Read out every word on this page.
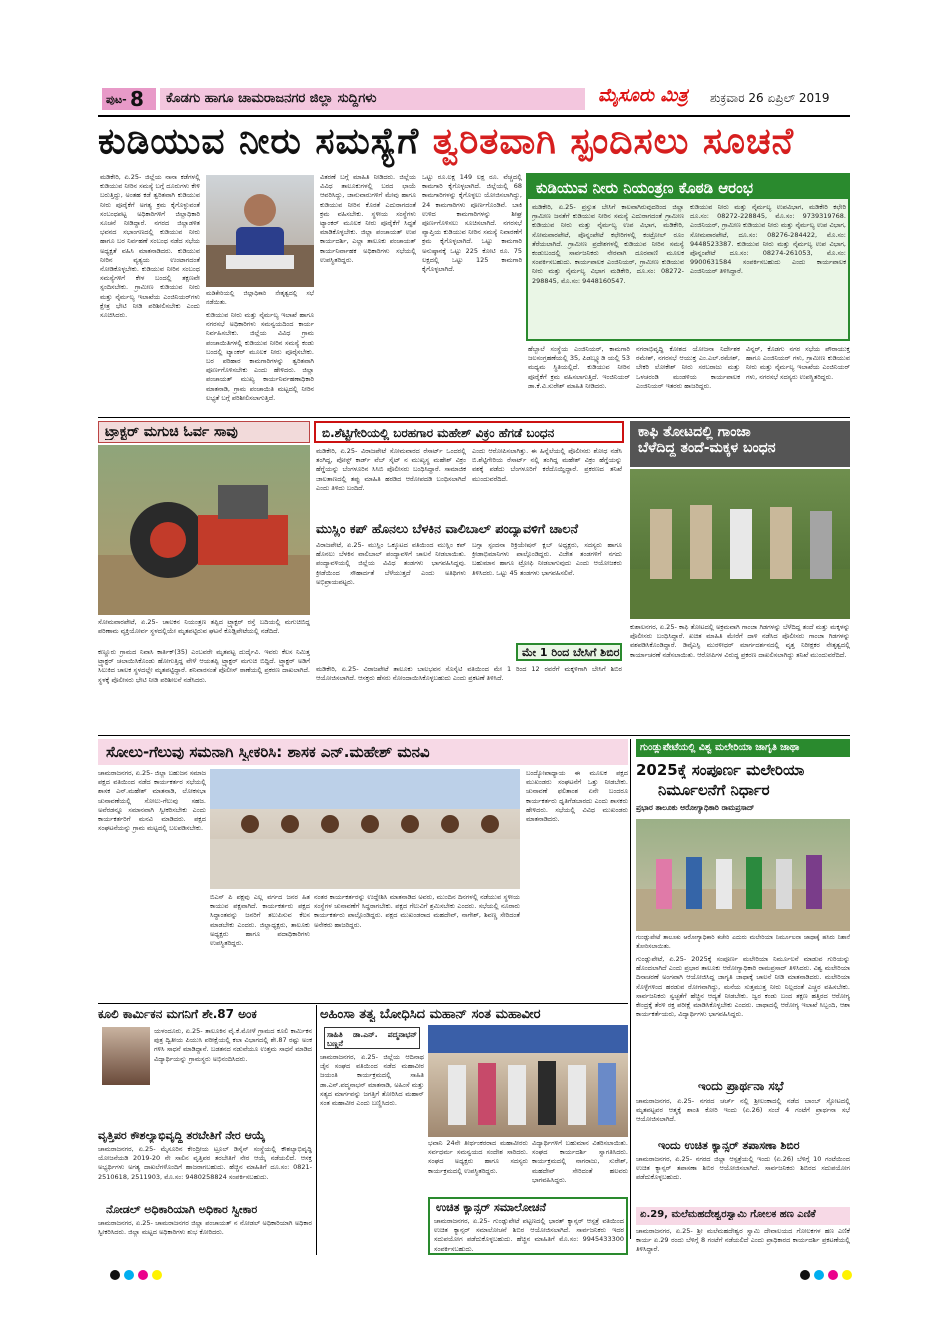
ಪುಟ- 8	ಕೊಡಗು ಹಾಗೂ ಚಾಮರಾಜನಗರ ಜಿಲ್ಲಾ ಸುದ್ದಿಗಳು	ಮೈಸೂರು ಮಿತ್ರ	ಶುಕ್ರವಾರ 26 ಏಪ್ರಿಲ್ 2019
ಕುಡಿಯುವ ನೀರು ಸಮಸ್ಯೆಗೆ ತ್ವರಿತವಾಗಿ ಸ್ಪಂದಿಸಲು ಸೂಚನೆ
ಮಡಿಕೇರಿ, ಏ.25- ಜಿಲ್ಲೆಯ ನಾನಾ ಕಡೆಗಳಲ್ಲಿ ಕುಡಿಯುವ ನೀರಿನ ಸಮಸ್ಯೆ ಬಗ್ಗೆ ದೂರುಗಳು ಕೇಳಿ ಬರುತ್ತಿದ್ದು, ಅಂತಹ ಕಡೆ ತ್ವರಿತವಾಗಿ ಕುಡಿಯುವ ನೀರು ಪೂರೈಕೆಗೆ ಅಗತ್ಯ ಕ್ರಮ ಕೈಗೊಳ್ಳುವಂತೆ ಸಂಬಂಧಪಟ್ಟ ಅಧಿಕಾರಿಗಳಿಗೆ ಜಿಲ್ಲಾಧಿಕಾರಿ ಸೂಚನೆ ನೀಡಿದ್ದಾರೆ. ನಗರದ ಜಿಲ್ಲಾಡಳಿತ ಭವನದ ಸಭಾಂಗಣದಲ್ಲಿ ಕುಡಿಯುವ ನೀರು ಹಾಗೂ ಬರ ನಿರ್ವಹಣೆ ಸಂಬಂಧ ನಡೆದ ಸಭೆಯ ಅಧ್ಯಕ್ಷತೆ ವಹಿಸಿ ಮಾತನಾಡಿದರು. ಕುಡಿಯುವ ನೀರಿನ ವ್ಯತ್ಯಯ ಉಂಟಾಗದಂತೆ ನೋಡಿಕೊಳ್ಳಬೇಕು. ಕುಡಿಯುವ ನೀರಿನ ಸಂಬಂಧ ಸಮಸ್ಯೆಗಳಿಗೆ ಕೇಳ ಬಂದಲ್ಲಿ ತಕ್ಷಣವೇ ಸ್ಪಂದಿಸಬೇಕು. ಗ್ರಾಮೀಣ ಕುಡಿಯುವ ನೀರು ಮತ್ತು ನೈರ್ಮಲ್ಯ ಇಲಾಖೆಯ ಎಂಜಿನಿಯರ್‌ಗಳು ಕ್ಷೇತ್ರ ಭೇಟಿ ನೀಡಿ ಪರಿಶೀಲಿಸಬೇಕು ಎಂದು ಸೂಚಿಸಿದರು.
ಮಡಿಕೇರಿಯಲ್ಲಿ ಜಿಲ್ಲಾಧಿಕಾರಿ ನೇತೃತ್ವದಲ್ಲಿ ಸಭೆ ನಡೆಯಿತು.
ಕುಡಿಯುವ ನೀರು ಮತ್ತು ನೈರ್ಮಲ್ಯ ಇಲಾಖೆ ಹಾಗೂ ನಗರಸಭೆ ಅಧಿಕಾರಿಗಳು ಸಮನ್ವಯದಿಂದ ಕಾರ್ಯ ನಿರ್ವಹಿಸಬೇಕು. ಜಿಲ್ಲೆಯ ವಿವಿಧ ಗ್ರಾಮ ಪಂಚಾಯಿತಿಗಳಲ್ಲಿ ಕುಡಿಯುವ ನೀರಿನ ಸಮಸ್ಯೆ ಕಂಡು ಬಂದಲ್ಲಿ ಟ್ಯಾಂಕರ್ ಮೂಲಕ ನೀರು ಪೂರೈಸಬೇಕು. ಬರ ಪರಿಹಾರ ಕಾಮಗಾರಿಗಳನ್ನು ತ್ವರಿತವಾಗಿ ಪೂರ್ಣಗೊಳಿಸಬೇಕು ಎಂದು ಹೇಳಿದರು. ಜಿಲ್ಲಾ ಪಂಚಾಯತ್ ಮುಖ್ಯ ಕಾರ್ಯನಿರ್ವಹಣಾಧಿಕಾರಿ ಮಾತನಾಡಿ, ಗ್ರಾಮ ಪಂಚಾಯಿತಿ ಮಟ್ಟದಲ್ಲಿ ನೀರಿನ ಲಭ್ಯತೆ ಬಗ್ಗೆ ಪರಿಶೀಲಿಸಲಾಗುತ್ತಿದೆ.
ವಿತರಣೆ ಬಗ್ಗೆ ಮಾಹಿತಿ ನೀಡಿದರು. ಜಿಲ್ಲೆಯ ವಿವಿಧ ತಾಲೂಕುಗಳಲ್ಲಿ ಬರದ ಛಾಯೆ ಆವರಿಸಿದ್ದು, ಜಾನುವಾರುಗಳಿಗೆ ಮೇವು ಹಾಗೂ ಕುಡಿಯುವ ನೀರಿನ ಕೊರತೆ ಎದುರಾಗದಂತೆ ಕ್ರಮ ವಹಿಸಬೇಕು. ಸ್ಥಳೀಯ ಸಂಸ್ಥೆಗಳು ಟ್ಯಾಂಕರ್ ಮೂಲಕ ನೀರು ಪೂರೈಕೆಗೆ ಸಿದ್ಧತೆ ಮಾಡಿಕೊಳ್ಳಬೇಕು. ಜಿಲ್ಲಾ ಪಂಚಾಯತ್ ಉಪ ಕಾರ್ಯದರ್ಶಿ, ಎಲ್ಲಾ ತಾಲೂಕು ಪಂಚಾಯತ್ ಕಾರ್ಯನಿರ್ವಾಹಕ ಅಧಿಕಾರಿಗಳು ಸಭೆಯಲ್ಲಿ ಉಪಸ್ಥಿತರಿದ್ದರು.
ಒಟ್ಟು ರೂ.ಲಕ್ಷ 149 ಲಕ್ಷ ರೂ. ವೆಚ್ಚದಲ್ಲಿ ಕಾಮಗಾರಿ ಕೈಗೊಳ್ಳಲಾಗಿದೆ. ಜಿಲ್ಲೆಯಲ್ಲಿ 68 ಕಾಮಗಾರಿಗಳನ್ನು ಕೈಗೊಳ್ಳಲು ಯೋಜಿಸಲಾಗಿದ್ದು, 24 ಕಾಮಗಾರಿಗಳು ಪೂರ್ಣಗೊಂಡಿವೆ. ಬಾಕಿ ಉಳಿದ ಕಾಮಗಾರಿಗಳನ್ನು ಶೀಘ್ರ ಪೂರ್ಣಗೊಳಿಸಲು ಸೂಚಿಸಲಾಗಿದೆ. ನಗರಸಭೆ ವ್ಯಾಪ್ತಿಯ ಕುಡಿಯುವ ನೀರಿನ ಸಮಸ್ಯೆ ನಿವಾರಣೆಗೆ ಕ್ರಮ ಕೈಗೊಳ್ಳಲಾಗಿದೆ. ಒಟ್ಟು ಕಾಮಗಾರಿ ಅನುಷ್ಠಾನಕ್ಕೆ ಒಟ್ಟು 225 ಕೋಟಿ ರೂ. 75 ಲಕ್ಷದಲ್ಲಿ ಒಟ್ಟು 125 ಕಾಮಗಾರಿ ಕೈಗೊಳ್ಳಲಾಗಿದೆ.
ಕುಡಿಯುವ ನೀರು ನಿಯಂತ್ರಣ ಕೊಠಡಿ ಆರಂಭ
ಮಡಿಕೇರಿ, ಏ.25- ಪ್ರಸ್ತುತ ಬೇಸಿಗೆ ಕಾಲವಾಗಿರುವುದರಿಂದ ಜಿಲ್ಲಾ ಗ್ರಾಮೀಣ ಜನತೆಗೆ ಕುಡಿಯುವ ನೀರಿನ ಸಮಸ್ಯೆ ಎದುರಾಗದಂತೆ ಗ್ರಾಮೀಣ ಕುಡಿಯುವ ನೀರು ಮತ್ತು ನೈರ್ಮಲ್ಯ ಉಪ ವಿಭಾಗ, ಮಡಿಕೇರಿ, ಸೋಮವಾರಪೇಟೆ, ಪೊನ್ನಂಪೇಟೆ ಕಛೇರಿಗಳಲ್ಲಿ ಕಂಟ್ರೋಲ್ ರೂಂ ತೆರೆಯಲಾಗಿದೆ. ಗ್ರಾಮೀಣ ಪ್ರದೇಶಗಳಲ್ಲಿ ಕುಡಿಯುವ ನೀರಿನ ಸಮಸ್ಯೆ ಕಂಡುಬಂದಲ್ಲಿ ಸಾರ್ವಜನಿಕರು ನೇರವಾಗಿ ದೂರವಾಣಿ ಮೂಲಕ ಸಂಪರ್ಕಿಸಬಹುದು. ಕಾರ್ಯಪಾಲಕ ಎಂಜಿನಿಯರ್, ಗ್ರಾಮೀಣ ಕುಡಿಯುವ ನೀರು ಮತ್ತು ನೈರ್ಮಲ್ಯ ವಿಭಾಗ ಮಡಿಕೇರಿ, ದೂ.ಸಂ: 08272-298845, ಮೊ.ಸಂ: 9448160547.
ಕುಡಿಯುವ ನೀರು ಮತ್ತು ನೈರ್ಮಲ್ಯ ಉಪವಿಭಾಗ, ಮಡಿಕೇರಿ ಕಛೇರಿ ದೂ.ಸಂ: 08272-228845, ಮೊ.ಸಂ: 9739319768. ಎಂಜಿನಿಯರ್, ಗ್ರಾಮೀಣ ಕುಡಿಯುವ ನೀರು ಮತ್ತು ನೈರ್ಮಲ್ಯ ಉಪ ವಿಭಾಗ, ಸೋಮವಾರಪೇಟೆ, ದೂ.ಸಂ: 08276-284422, ಮೊ.ಸಂ: 9448523387. ಕುಡಿಯುವ ನೀರು ಮತ್ತು ನೈರ್ಮಲ್ಯ ಉಪ ವಿಭಾಗ, ಪೊನ್ನಂಪೇಟೆ ದೂ.ಸಂ: 08274-261053, ಮೊ.ಸಂ: 9900631584 ಸಂಪರ್ಕಿಸಬಹುದು ಎಂದು ಕಾರ್ಯಪಾಲಕ ಎಂಜಿನಿಯರ್ ತಿಳಿಸಿದ್ದಾರೆ.
ಹೆಬ್ಬಾಲೆ ಸಂಸ್ಥೆಯ ಎಂಜಿನಿಯರ್, ಕಾಮಗಾರಿ ಜಲಸಂಗ್ರಹಣೆಯಲ್ಲಿ 35, ಪಿಡಬ್ಲ್ಯೂಡಿ ಯಲ್ಲಿ 53 ಮಧ್ಯಮ ಸ್ಥಿತಿಯಲ್ಲಿದೆ. ಕುಡಿಯುವ ನೀರಿನ ಪೂರೈಕೆಗೆ ಕ್ರಮ ವಹಿಸಲಾಗುತ್ತಿದೆ. ಇಂಜಿನಿಯರ್ ಡಾ.ಕೆ.ವಿ.ಸುರೇಶ್ ಮಾಹಿತಿ ನೀಡಿದರು.
ನಗರಾಭಿವೃದ್ಧಿ ಕೋಶದ ಯೋಜನಾ ನಿರ್ದೇಶಕ ರಮೇಶ್, ನಗರಸಭೆ ಆಯುಕ್ತ ಎಂ.ಎಲ್.ರಮೇಶ್, ಬೇಕರಿ ಲೋಕೇಶ್ ನೀರು ಸರಬರಾಜು ಮತ್ತು ಒಳಚರಂಡಿ ಮಂಡಳಿಯ ಕಾರ್ಯಪಾಲಕ ಎಂಜಿನಿಯರ್ ಇತರರು ಹಾಜರಿದ್ದರು.
ವಿನ್ನರ್, ಕೊಡಗು ನಗರ ಸಭೆಯ ಪೌರಾಯುಕ್ತ ಹಾಗೂ ಎಂಜಿನಿಯರ್ ಗಳು, ಗ್ರಾಮೀಣ ಕುಡಿಯುವ ನೀರು ಮತ್ತು ನೈರ್ಮಲ್ಯ ಇಲಾಖೆಯ ಎಂಜಿನಿಯರ್ ಗಳು, ನಗರಸಭೆ ಸದಸ್ಯರು ಉಪಸ್ಥಿತರಿದ್ದರು.
ಟ್ರ್ಯಾಕ್ಟರ್ ಮಗುಚಿ ಓರ್ವ ಸಾವು
ಸೋಮವಾರಪೇಟೆ, ಏ.25- ಚಾಲಕನ ನಿಯಂತ್ರಣ ತಪ್ಪಿದ ಟ್ರ್ಯಾಕ್ಟರ್ ರಸ್ತೆ ಬದಿಯಲ್ಲಿ ಮಗುಚಿಬಿದ್ದ ಪರಿಣಾಮ ವ್ಯಕ್ತಿಯೋರ್ವ ಸ್ಥಳದಲ್ಲಿಯೇ ಮೃತಪಟ್ಟಿರುವ ಘಟನೆ ಕೊಡ್ಲಿಪೇಟೆಯಲ್ಲಿ ನಡೆದಿದೆ.
ಕಣ್ಣೂರು ಗ್ರಾಮದ ನಿವಾಸಿ ಕಾರ್ತಿಕ್(35) ಎಂಬವರೇ ಮೃತಪಟ್ಟ ದುರ್ದೈವಿ. ಇವರು ಕೆಲಸ ನಿಮಿತ್ತ ಟ್ರ್ಯಾಕ್ಟರ್ ಚಲಾಯಿಸಿಕೊಂಡು ಹೋಗುತ್ತಿದ್ದ ವೇಳೆ ಆಯತಪ್ಪಿ ಟ್ರ್ಯಾಕ್ಟರ್ ಮಗುಚಿ ಬಿದ್ದಿದೆ. ಟ್ರ್ಯಾಕ್ಟರ್ ಅಡಿಗೆ ಸಿಲುಕಿದ ಚಾಲಕ ಸ್ಥಳದಲ್ಲೇ ಮೃತಪಟ್ಟಿದ್ದಾರೆ. ಶನಿವಾರಸಂತೆ ಪೊಲೀಸ್ ಠಾಣೆಯಲ್ಲಿ ಪ್ರಕರಣ ದಾಖಲಾಗಿದೆ. ಸ್ಥಳಕ್ಕೆ ಪೊಲೀಸರು ಭೇಟಿ ನೀಡಿ ಪರಿಶೀಲನೆ ನಡೆಸಿದರು.
ಬಿ.ಶೆಟ್ಟಿಗೇರಿಯಲ್ಲಿ ಬರಹಗಾರ ಮಹೇಶ್ ವಿಕ್ರಂ ಹೆಗಡೆ ಬಂಧನ
ಮಡಿಕೇರಿ, ಏ.25- ವಿರಾಜಪೇಟೆ ಸೋಮವಾರದ ರೆಸಾರ್ಟ್ ಒಂದರಲ್ಲಿ ತಂಗಿದ್ದ, ಪೋಸ್ಟ್ ಕಾರ್ಡ್ ವೆಬ್ ಸೈಟ್ ನ ಮುಖ್ಯಸ್ಥ ಮಹೇಶ್ ವಿಕ್ರಂ ಹೆಗ್ಡೆಯನ್ನು ಬೆಂಗಳೂರಿನ ಸಿಸಿಬಿ ಪೊಲೀಸರು ಬಂಧಿಸಿದ್ದಾರೆ. ಸಾಮಾಜಿಕ ಜಾಲತಾಣದಲ್ಲಿ ತಪ್ಪು ಮಾಹಿತಿ ಹರಡಿದ ಆರೋಪದಡಿ ಬಂಧಿಸಲಾಗಿದೆ ಎಂದು ತಿಳಿದು ಬಂದಿದೆ.
ಎಂದು ಆರೋಪಿಸಲಾಗಿತ್ತು. ಈ ಹಿನ್ನೆಲೆಯಲ್ಲಿ ಪೊಲೀಸರು ಶೋಧ ನಡೆಸಿ ಬಿ.ಶೆಟ್ಟಿಗೇರಿಯ ರೆಸಾರ್ಟ್ ನಲ್ಲಿ ತಂಗಿದ್ದ ಮಹೇಶ್ ವಿಕ್ರಂ ಹೆಗ್ಡೆಯನ್ನು ವಶಕ್ಕೆ ಪಡೆದು ಬೆಂಗಳೂರಿಗೆ ಕರೆದೊಯ್ದಿದ್ದಾರೆ. ಪ್ರಕರಣದ ತನಿಖೆ ಮುಂದುವರೆದಿದೆ.
ಮುಸ್ಲಿಂ ಕಪ್ ಹೊನಲು ಬೆಳಕಿನ ವಾಲಿಬಾಲ್ ಪಂದ್ಯಾವಳಿಗೆ ಚಾಲನೆ
ವಿರಾಜಪೇಟೆ, ಏ.25- ಮುಸ್ಲಿಂ ಒಕ್ಕೂಟದ ವತಿಯಿಂದ ಮುಸ್ಲಿಂ ಕಪ್ ಹೊನಲು ಬೆಳಕಿನ ವಾಲಿಬಾಲ್ ಪಂದ್ಯಾವಳಿಗೆ ಚಾಲನೆ ನೀಡಲಾಯಿತು. ಪಂದ್ಯಾವಳಿಯಲ್ಲಿ ಜಿಲ್ಲೆಯ ವಿವಿಧ ತಂಡಗಳು ಭಾಗವಹಿಸಿದ್ದವು. ಕ್ರೀಡೆಯಿಂದ ಸೌಹಾರ್ದತೆ ಬೆಳೆಯುತ್ತದೆ ಎಂದು ಅತಿಥಿಗಳು ಅಭಿಪ್ರಾಯಪಟ್ಟರು.
ಬಗ್ಗಾ ಸ್ಪಂದನಾ ರಿಕ್ರಿಯೇಷನ್ ಕ್ಲಬ್ ಅಧ್ಯಕ್ಷರು, ಸದಸ್ಯರು ಹಾಗೂ ಕ್ರೀಡಾಭಿಮಾನಿಗಳು ಪಾಲ್ಗೊಂಡಿದ್ದರು. ವಿಜೇತ ತಂಡಗಳಿಗೆ ನಗದು ಬಹುಮಾನ ಹಾಗೂ ಟ್ರೋಫಿ ನೀಡಲಾಗುವುದು ಎಂದು ಆಯೋಜಕರು ತಿಳಿಸಿದರು. ಒಟ್ಟು 45 ತಂಡಗಳು ಭಾಗವಹಿಸಲಿವೆ.
ಮೇ 1 ರಿಂದ ಬೇಸಿಗೆ ಶಿಬಿರ
ಮಡಿಕೇರಿ, ಏ.25- ವಿರಾಜಪೇಟೆ ತಾಲೂಕು ಬಾಲಭವನ ಸೊಸೈಟಿ ವತಿಯಿಂದ ಮೇ 1 ರಿಂದ 12 ರವರೆಗೆ ಮಕ್ಕಳಿಗಾಗಿ ಬೇಸಿಗೆ ಶಿಬಿರ ಆಯೋಜಿಸಲಾಗಿದೆ. ಆಸಕ್ತರು ಹೆಸರು ನೋಂದಾಯಿಸಿಕೊಳ್ಳಬಹುದು ಎಂದು ಪ್ರಕಟಣೆ ತಿಳಿಸಿದೆ.
ಕಾಫಿ ತೋಟದಲ್ಲಿ ಗಾಂಜಾ
ಬೆಳೆದಿದ್ದ ತಂದೆ-ಮಕ್ಕಳ ಬಂಧನ
ಕುಶಾಲನಗರ, ಏ.25- ಕಾಫಿ ತೋಟದಲ್ಲಿ ಅಕ್ರಮವಾಗಿ ಗಾಂಜಾ ಗಿಡಗಳನ್ನು ಬೆಳೆದಿದ್ದ ತಂದೆ ಮತ್ತು ಮಕ್ಕಳನ್ನು ಪೊಲೀಸರು ಬಂಧಿಸಿದ್ದಾರೆ. ಖಚಿತ ಮಾಹಿತಿ ಮೇರೆಗೆ ದಾಳಿ ನಡೆಸಿದ ಪೊಲೀಸರು ಗಾಂಜಾ ಗಿಡಗಳನ್ನು ವಶಪಡಿಸಿಕೊಂಡಿದ್ದಾರೆ. ಡಿವೈಎಸ್ಪಿ ಮುರಳೀಧರ್ ಮಾರ್ಗದರ್ಶನದಲ್ಲಿ ವೃತ್ತ ನಿರೀಕ್ಷಕರ ನೇತೃತ್ವದಲ್ಲಿ ಕಾರ್ಯಾಚರಣೆ ನಡೆಸಲಾಯಿತು. ಆರೋಪಿಗಳ ವಿರುದ್ಧ ಪ್ರಕರಣ ದಾಖಲಿಸಲಾಗಿದ್ದು ತನಿಖೆ ಮುಂದುವರೆದಿದೆ.
ಸೋಲು-ಗೆಲುವು ಸಮನಾಗಿ ಸ್ವೀಕರಿಸಿ: ಶಾಸಕ ಎನ್.ಮಹೇಶ್ ಮನವಿ
ಚಾಮರಾಜನಗರ, ಏ.25- ಜಿಲ್ಲಾ ಬಹುಜನ ಸಮಾಜ ಪಕ್ಷದ ವತಿಯಿಂದ ನಡೆದ ಕಾರ್ಯಕರ್ತರ ಸಭೆಯಲ್ಲಿ ಶಾಸಕ ಎನ್.ಮಹೇಶ್ ಮಾತನಾಡಿ, ಲೋಕಸಭಾ ಚುನಾವಣೆಯಲ್ಲಿ ಸೋಲು-ಗೆಲುವು ಸಹಜ. ಅವೆರಡನ್ನೂ ಸಮಾನವಾಗಿ ಸ್ವೀಕರಿಸಬೇಕು ಎಂದು ಕಾರ್ಯಕರ್ತರಿಗೆ ಮನವಿ ಮಾಡಿದರು. ಪಕ್ಷದ ಸಂಘಟನೆಯನ್ನು ಗ್ರಾಮ ಮಟ್ಟದಲ್ಲಿ ಬಲಪಡಿಸಬೇಕು.
ಬಿಎಸ್ ಪಿ ಪಕ್ಷವು ಎಲ್ಲ ವರ್ಗದ ಜನರ ಹಿತ ಕಾಯುವ ಪಕ್ಷವಾಗಿದೆ. ಕಾರ್ಯಕರ್ತರು ಪಕ್ಷದ ಸಿದ್ಧಾಂತವನ್ನು ಜನರಿಗೆ ತಲುಪಿಸುವ ಕೆಲಸ ಮಾಡಬೇಕು ಎಂದರು. ಜಿಲ್ಲಾಧ್ಯಕ್ಷರು, ತಾಲೂಕು ಅಧ್ಯಕ್ಷರು ಹಾಗೂ ಪದಾಧಿಕಾರಿಗಳು ಉಪಸ್ಥಿತರಿದ್ದರು.
ನಂತರ ಕಾರ್ಯಕರ್ತರನ್ನು ಉದ್ದೇಶಿಸಿ ಮಾತನಾಡಿದ ಅವರು, ಮುಂದಿನ ದಿನಗಳಲ್ಲಿ ನಡೆಯುವ ಸ್ಥಳೀಯ ಸಂಸ್ಥೆಗಳ ಚುನಾವಣೆಗೆ ಸಿದ್ಧರಾಗಬೇಕು. ಪಕ್ಷದ ಗೆಲುವಿಗೆ ಶ್ರಮಿಸಬೇಕು ಎಂದರು. ಸಭೆಯಲ್ಲಿ ನೂರಾರು ಕಾರ್ಯಕರ್ತರು ಪಾಲ್ಗೊಂಡಿದ್ದರು. ಪಕ್ಷದ ಮುಖಂಡರಾದ ಮಹದೇವ್, ನಾಗೇಶ್, ಶಿವಣ್ಣ ಸೇರಿದಂತೆ ಅನೇಕರು ಹಾಜರಿದ್ದರು.
ಬಂದ್ಯೋಪಾಧ್ಯಾಯ ಈ ಮೂಲಕ ಪಕ್ಷದ ಮುಖಂಡರು ಸಂಘಟನೆಗೆ ಒತ್ತು ನೀಡಬೇಕು. ಚುನಾವಣೆ ಫಲಿತಾಂಶ ಏನೇ ಬಂದರೂ ಕಾರ್ಯಕರ್ತರು ಧೃತಿಗೆಡಬಾರದು ಎಂದು ಶಾಸಕರು ಹೇಳಿದರು. ಸಭೆಯಲ್ಲಿ ವಿವಿಧ ಮುಖಂಡರು ಮಾತನಾಡಿದರು.
ಗುಂಡ್ಲುಪೇಟೆಯಲ್ಲಿ ವಿಶ್ವ ಮಲೇರಿಯಾ ಜಾಗೃತಿ ಜಾಥಾ
2025ಕ್ಕೆ ಸಂಪೂರ್ಣ ಮಲೇರಿಯಾ
ನಿರ್ಮೂಲನೆಗೆ ನಿರ್ಧಾರ
ಪ್ರಭಾರ ತಾಲೂಕು ಆರೋಗ್ಯಾಧಿಕಾರಿ ರಾಮಪ್ರಸಾದ್
ಗುಂಡ್ಲುಪೇಟೆ ತಾಲೂಕು ಆರೋಗ್ಯಾಧಿಕಾರಿ ಕಚೇರಿ ಎದುರು ಮಲೇರಿಯಾ ನಿರ್ಮೂಲನಾ ಜಾಥಾಕ್ಕೆ ಹಸಿರು ನಿಶಾನೆ ತೋರಿಸಲಾಯಿತು.
ಗುಂಡ್ಲುಪೇಟೆ, ಏ.25- 2025ಕ್ಕೆ ಸಂಪೂರ್ಣ ಮಲೇರಿಯಾ ನಿರ್ಮೂಲನೆ ಮಾಡುವ ಗುರಿಯನ್ನು ಹೊಂದಲಾಗಿದೆ ಎಂದು ಪ್ರಭಾರ ತಾಲೂಕು ಆರೋಗ್ಯಾಧಿಕಾರಿ ರಾಮಪ್ರಸಾದ್ ತಿಳಿಸಿದರು. ವಿಶ್ವ ಮಲೇರಿಯಾ ದಿನಾಚರಣೆ ಅಂಗವಾಗಿ ಆಯೋಜಿಸಿದ್ದ ಜಾಗೃತಿ ಜಾಥಾಕ್ಕೆ ಚಾಲನೆ ನೀಡಿ ಮಾತನಾಡಿದರು. ಮಲೇರಿಯಾ ಸೊಳ್ಳೆಗಳಿಂದ ಹರಡುವ ರೋಗವಾಗಿದ್ದು, ಮನೆಯ ಸುತ್ತಮುತ್ತ ನೀರು ನಿಲ್ಲದಂತೆ ಎಚ್ಚರ ವಹಿಸಬೇಕು. ಸಾರ್ವಜನಿಕರು ಸ್ವಚ್ಛತೆಗೆ ಹೆಚ್ಚಿನ ಆದ್ಯತೆ ನೀಡಬೇಕು. ಜ್ವರ ಕಂಡು ಬಂದ ತಕ್ಷಣ ಹತ್ತಿರದ ಆರೋಗ್ಯ ಕೇಂದ್ರಕ್ಕೆ ತೆರಳಿ ರಕ್ತ ಪರೀಕ್ಷೆ ಮಾಡಿಸಿಕೊಳ್ಳಬೇಕು ಎಂದರು. ಜಾಥಾದಲ್ಲಿ ಆರೋಗ್ಯ ಇಲಾಖೆ ಸಿಬ್ಬಂದಿ, ಆಶಾ ಕಾರ್ಯಕರ್ತೆಯರು, ವಿದ್ಯಾರ್ಥಿಗಳು ಭಾಗವಹಿಸಿದ್ದರು.
ಇಂದು ಪ್ರಾರ್ಥನಾ ಸಭೆ
ಚಾಮರಾಜನಗರ, ಏ.25- ನಗರದ ಚರ್ಚ್ ನಲ್ಲಿ ಶ್ರೀಲಂಕಾದಲ್ಲಿ ನಡೆದ ಬಾಂಬ್ ಸ್ಫೋಟದಲ್ಲಿ ಮೃತಪಟ್ಟವರ ಆತ್ಮಕ್ಕೆ ಶಾಂತಿ ಕೋರಿ ಇಂದು (ಏ.26) ಸಂಜೆ 4 ಗಂಟೆಗೆ ಪ್ರಾರ್ಥನಾ ಸಭೆ ಆಯೋಜಿಸಲಾಗಿದೆ.
ಇಂದು ಉಚಿತ ಕ್ಯಾನ್ಸರ್ ತಪಾಸಣಾ ಶಿಬಿರ
ಚಾಮರಾಜನಗರ, ಏ.25- ನಗರದ ಜಿಲ್ಲಾ ಆಸ್ಪತ್ರೆಯಲ್ಲಿ ಇಂದು (ಏ.26) ಬೆಳಿಗ್ಗೆ 10 ಗಂಟೆಯಿಂದ ಉಚಿತ ಕ್ಯಾನ್ಸರ್ ತಪಾಸಣಾ ಶಿಬಿರ ಆಯೋಜಿಸಲಾಗಿದೆ. ಸಾರ್ವಜನಿಕರು ಶಿಬಿರದ ಸದುಪಯೋಗ ಪಡೆದುಕೊಳ್ಳಬಹುದು.
ಏ.29, ಮಲೆಮಹದೇಶ್ವರಸ್ವಾಮಿ ಗೋಲಕ ಹಣ ಎಣಿಕೆ
ಚಾಮರಾಜನಗರ, ಏ.25- ಶ್ರೀ ಮಲೆಮಹದೇಶ್ವರ ಸ್ವಾಮಿ ದೇವಾಲಯದ ಗೋಲಕಗಳ ಹಣ ಎಣಿಕೆ ಕಾರ್ಯ ಏ.29 ರಂದು ಬೆಳಿಗ್ಗೆ 8 ಗಂಟೆಗೆ ನಡೆಯಲಿದೆ ಎಂದು ಪ್ರಾಧಿಕಾರದ ಕಾರ್ಯದರ್ಶಿ ಪ್ರಕಟಣೆಯಲ್ಲಿ ತಿಳಿಸಿದ್ದಾರೆ.
ಕೂಲಿ ಕಾರ್ಮಿಕನ ಮಗನಿಗೆ ಶೇ.87 ಅಂಕ
ಯಳಂದೂರು, ಏ.25- ತಾಲೂಕಿನ ವೈ.ಕೆ.ಮೋಳೆ ಗ್ರಾಮದ ಕೂಲಿ ಕಾರ್ಮಿಕನ ಪುತ್ರ ದ್ವಿತೀಯ ಪಿಯುಸಿ ಪರೀಕ್ಷೆಯಲ್ಲಿ ಕಲಾ ವಿಭಾಗದಲ್ಲಿ ಶೇ.87 ರಷ್ಟು ಅಂಕ ಗಳಿಸಿ ಸಾಧನೆ ಮಾಡಿದ್ದಾನೆ. ಬಡತನದ ನಡುವೆಯೂ ಉತ್ತಮ ಸಾಧನೆ ಮಾಡಿದ ವಿದ್ಯಾರ್ಥಿಯನ್ನು ಗ್ರಾಮಸ್ಥರು ಅಭಿನಂದಿಸಿದರು.
ವೃತ್ತಿಪರ ಕೌಶಲ್ಯಾಭಿವೃದ್ಧಿ ತರಬೇತಿಗೆ ನೇರ ಆಯ್ಕೆ
ಚಾಮರಾಜನಗರ, ಏ.25- ಮೈಸೂರಿನ ಕೇಂದ್ರೀಯ ಟ್ರೂಲ್ ಡಿಸೈನ್ ಸಂಸ್ಥೆಯಲ್ಲಿ ಕೌಶಲ್ಯಾಭಿವೃದ್ಧಿ ಯೋಜನೆಯಡಿ 2019-20 ನೇ ಸಾಲಿನ ವೃತ್ತಿಪರ ತರಬೇತಿಗೆ ನೇರ ಆಯ್ಕೆ ನಡೆಯಲಿದೆ. ಆಸಕ್ತ ಅಭ್ಯರ್ಥಿಗಳು ಅಗತ್ಯ ದಾಖಲೆಗಳೊಂದಿಗೆ ಹಾಜರಾಗಬಹುದು. ಹೆಚ್ಚಿನ ಮಾಹಿತಿಗೆ ದೂ.ಸಂ: 0821-2510618, 2511903, ಮೊ.ಸಂ: 9480258824 ಸಂಪರ್ಕಿಸಬಹುದು.
ನೋಡಲ್ ಅಧಿಕಾರಿಯಾಗಿ ಅಧಿಕಾರ ಸ್ವೀಕಾರ
ಚಾಮರಾಜನಗರ, ಏ.25- ಚಾಮರಾಜನಗರ ಜಿಲ್ಲಾ ಪಂಚಾಯತ್ ನ ನೋಡಲ್ ಅಧಿಕಾರಿಯಾಗಿ ಅಧಿಕಾರ ಸ್ವೀಕರಿಸಿದರು. ಜಿಲ್ಲಾ ಮಟ್ಟದ ಅಧಿಕಾರಿಗಳು ಶುಭ ಕೋರಿದರು.
ಅಹಿಂಸಾ ತತ್ವ ಬೋಧಿಸಿದ ಮಹಾನ್ ಸಂತ ಮಹಾವೀರ
ಸಾಹಿತಿ ಡಾ.ಎನ್. ಪದ್ಮನಾಭನ್ ಬಣ್ಣನೆ
ಚಾಮರಾಜನಗರ, ಏ.25- ಜಿಲ್ಲೆಯ ಆದಿನಾಥ ಜೈನ ಸಂಘದ ವತಿಯಿಂದ ನಡೆದ ಮಹಾವೀರ ಜಯಂತಿ ಕಾರ್ಯಕ್ರಮದಲ್ಲಿ ಸಾಹಿತಿ ಡಾ.ಎನ್.ಪದ್ಮನಾಭನ್ ಮಾತನಾಡಿ, ಅಹಿಂಸೆ ಮತ್ತು ಸತ್ಯದ ಮಾರ್ಗವನ್ನು ಜಗತ್ತಿಗೆ ತೋರಿಸಿದ ಮಹಾನ್ ಸಂತ ಮಹಾವೀರ ಎಂದು ಬಣ್ಣಿಸಿದರು.
ಭವಾನಿ 24ನೇ ತೀರ್ಥಂಕರರಾದ ಮಹಾವೀರರು ಸರ್ವಧರ್ಮ ಸಮನ್ವಯದ ಸಂದೇಶ ಸಾರಿದರು. ಸಂಘದ ಅಧ್ಯಕ್ಷರು ಹಾಗೂ ಸದಸ್ಯರು ಕಾರ್ಯಕ್ರಮದಲ್ಲಿ ಉಪಸ್ಥಿತರಿದ್ದರು.
ವಿದ್ಯಾರ್ಥಿಗಳಿಗೆ ಬಹುಮಾನ ವಿತರಿಸಲಾಯಿತು. ಸಂಘದ ಕಾರ್ಯದರ್ಶಿ ಸ್ವಾಗತಿಸಿದರು. ಕಾರ್ಯಕ್ರಮದಲ್ಲಿ ನಾಗರಾಜು, ಸುರೇಶ್, ಮಹದೇವ್ ಸೇರಿದಂತೆ ಹಲವರು ಭಾಗವಹಿಸಿದ್ದರು.
ಉಚಿತ ಕ್ಯಾನ್ಸರ್ ಸಮಾಲೋಚನೆ
ಚಾಮರಾಜನಗರ, ಏ.25- ಗುಂಡ್ಲುಪೇಟೆ ಪಟ್ಟಣದಲ್ಲಿ ಭಾರತ್ ಕ್ಯಾನ್ಸರ್ ಆಸ್ಪತ್ರೆ ವತಿಯಿಂದ ಉಚಿತ ಕ್ಯಾನ್ಸರ್ ಸಮಾಲೋಚನೆ ಶಿಬಿರ ಆಯೋಜಿಸಲಾಗಿದೆ. ಸಾರ್ವಜನಿಕರು ಇದರ ಸದುಪಯೋಗ ಪಡೆದುಕೊಳ್ಳಬಹುದು. ಹೆಚ್ಚಿನ ಮಾಹಿತಿಗೆ ಮೊ.ಸಂ: 9945433300 ಸಂಪರ್ಕಿಸಬಹುದು.
